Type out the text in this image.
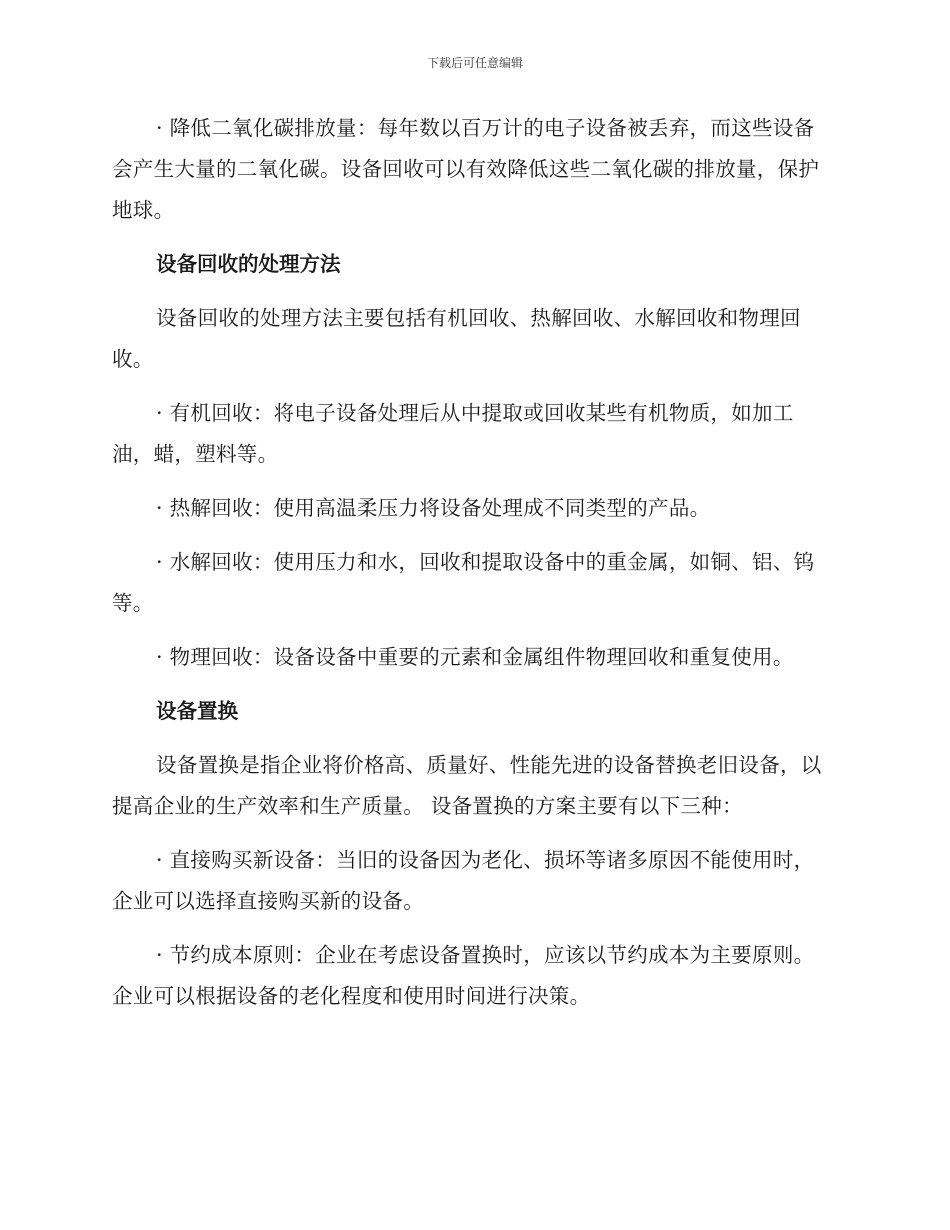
下载后可任意编辑

· 降低二氧化碳排放量：每年数以百万计的电子设备被丢弃，而这些设备会产生大量的二氧化碳。设备回收可以有效降低这些二氧化碳的排放量，保护地球。

设备回收的处理方法

设备回收的处理方法主要包括有机回收、热解回收、水解回收和物理回收。

· 有机回收：将电子设备处理后从中提取或回收某些有机物质，如加工油，蜡，塑料等。

· 热解回收：使用高温柔压力将设备处理成不同类型的产品。

· 水解回收：使用压力和水，回收和提取设备中的重金属，如铜、铝、钨等。

· 物理回收：设备设备中重要的元素和金属组件物理回收和重复使用。

设备置换

设备置换是指企业将价格高、质量好、性能先进的设备替换老旧设备，以提高企业的生产效率和生产质量。 设备置换的方案主要有以下三种：

· 直接购买新设备：当旧的设备因为老化、损坏等诸多原因不能使用时，企业可以选择直接购买新的设备。

· 节约成本原则：企业在考虑设备置换时，应该以节约成本为主要原则。企业可以根据设备的老化程度和使用时间进行决策。
